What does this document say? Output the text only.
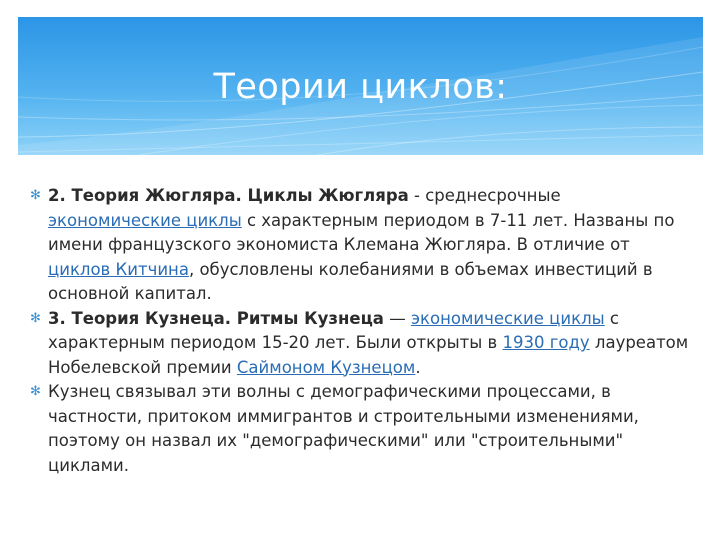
Теории циклов:

✻ 2. Теория Жюгляра. Циклы Жюгляра - среднесрочные экономические циклы с характерным периодом в 7-11 лет. Названы по имени французского экономиста Клемана Жюгляра. В отличие от циклов Китчина, обусловлены колебаниями в объемах инвестиций в основной капитал.

✻ 3. Теория Кузнеца. Ритмы Кузнеца — экономические циклы с характерным периодом 15-20 лет. Были открыты в 1930 году лауреатом Нобелевской премии Саймоном Кузнецом.

✻ Кузнец связывал эти волны с демографическими процессами, в частности, притоком иммигрантов и строительными изменениями, поэтому он назвал их "демографическими" или "строительными" циклами.
